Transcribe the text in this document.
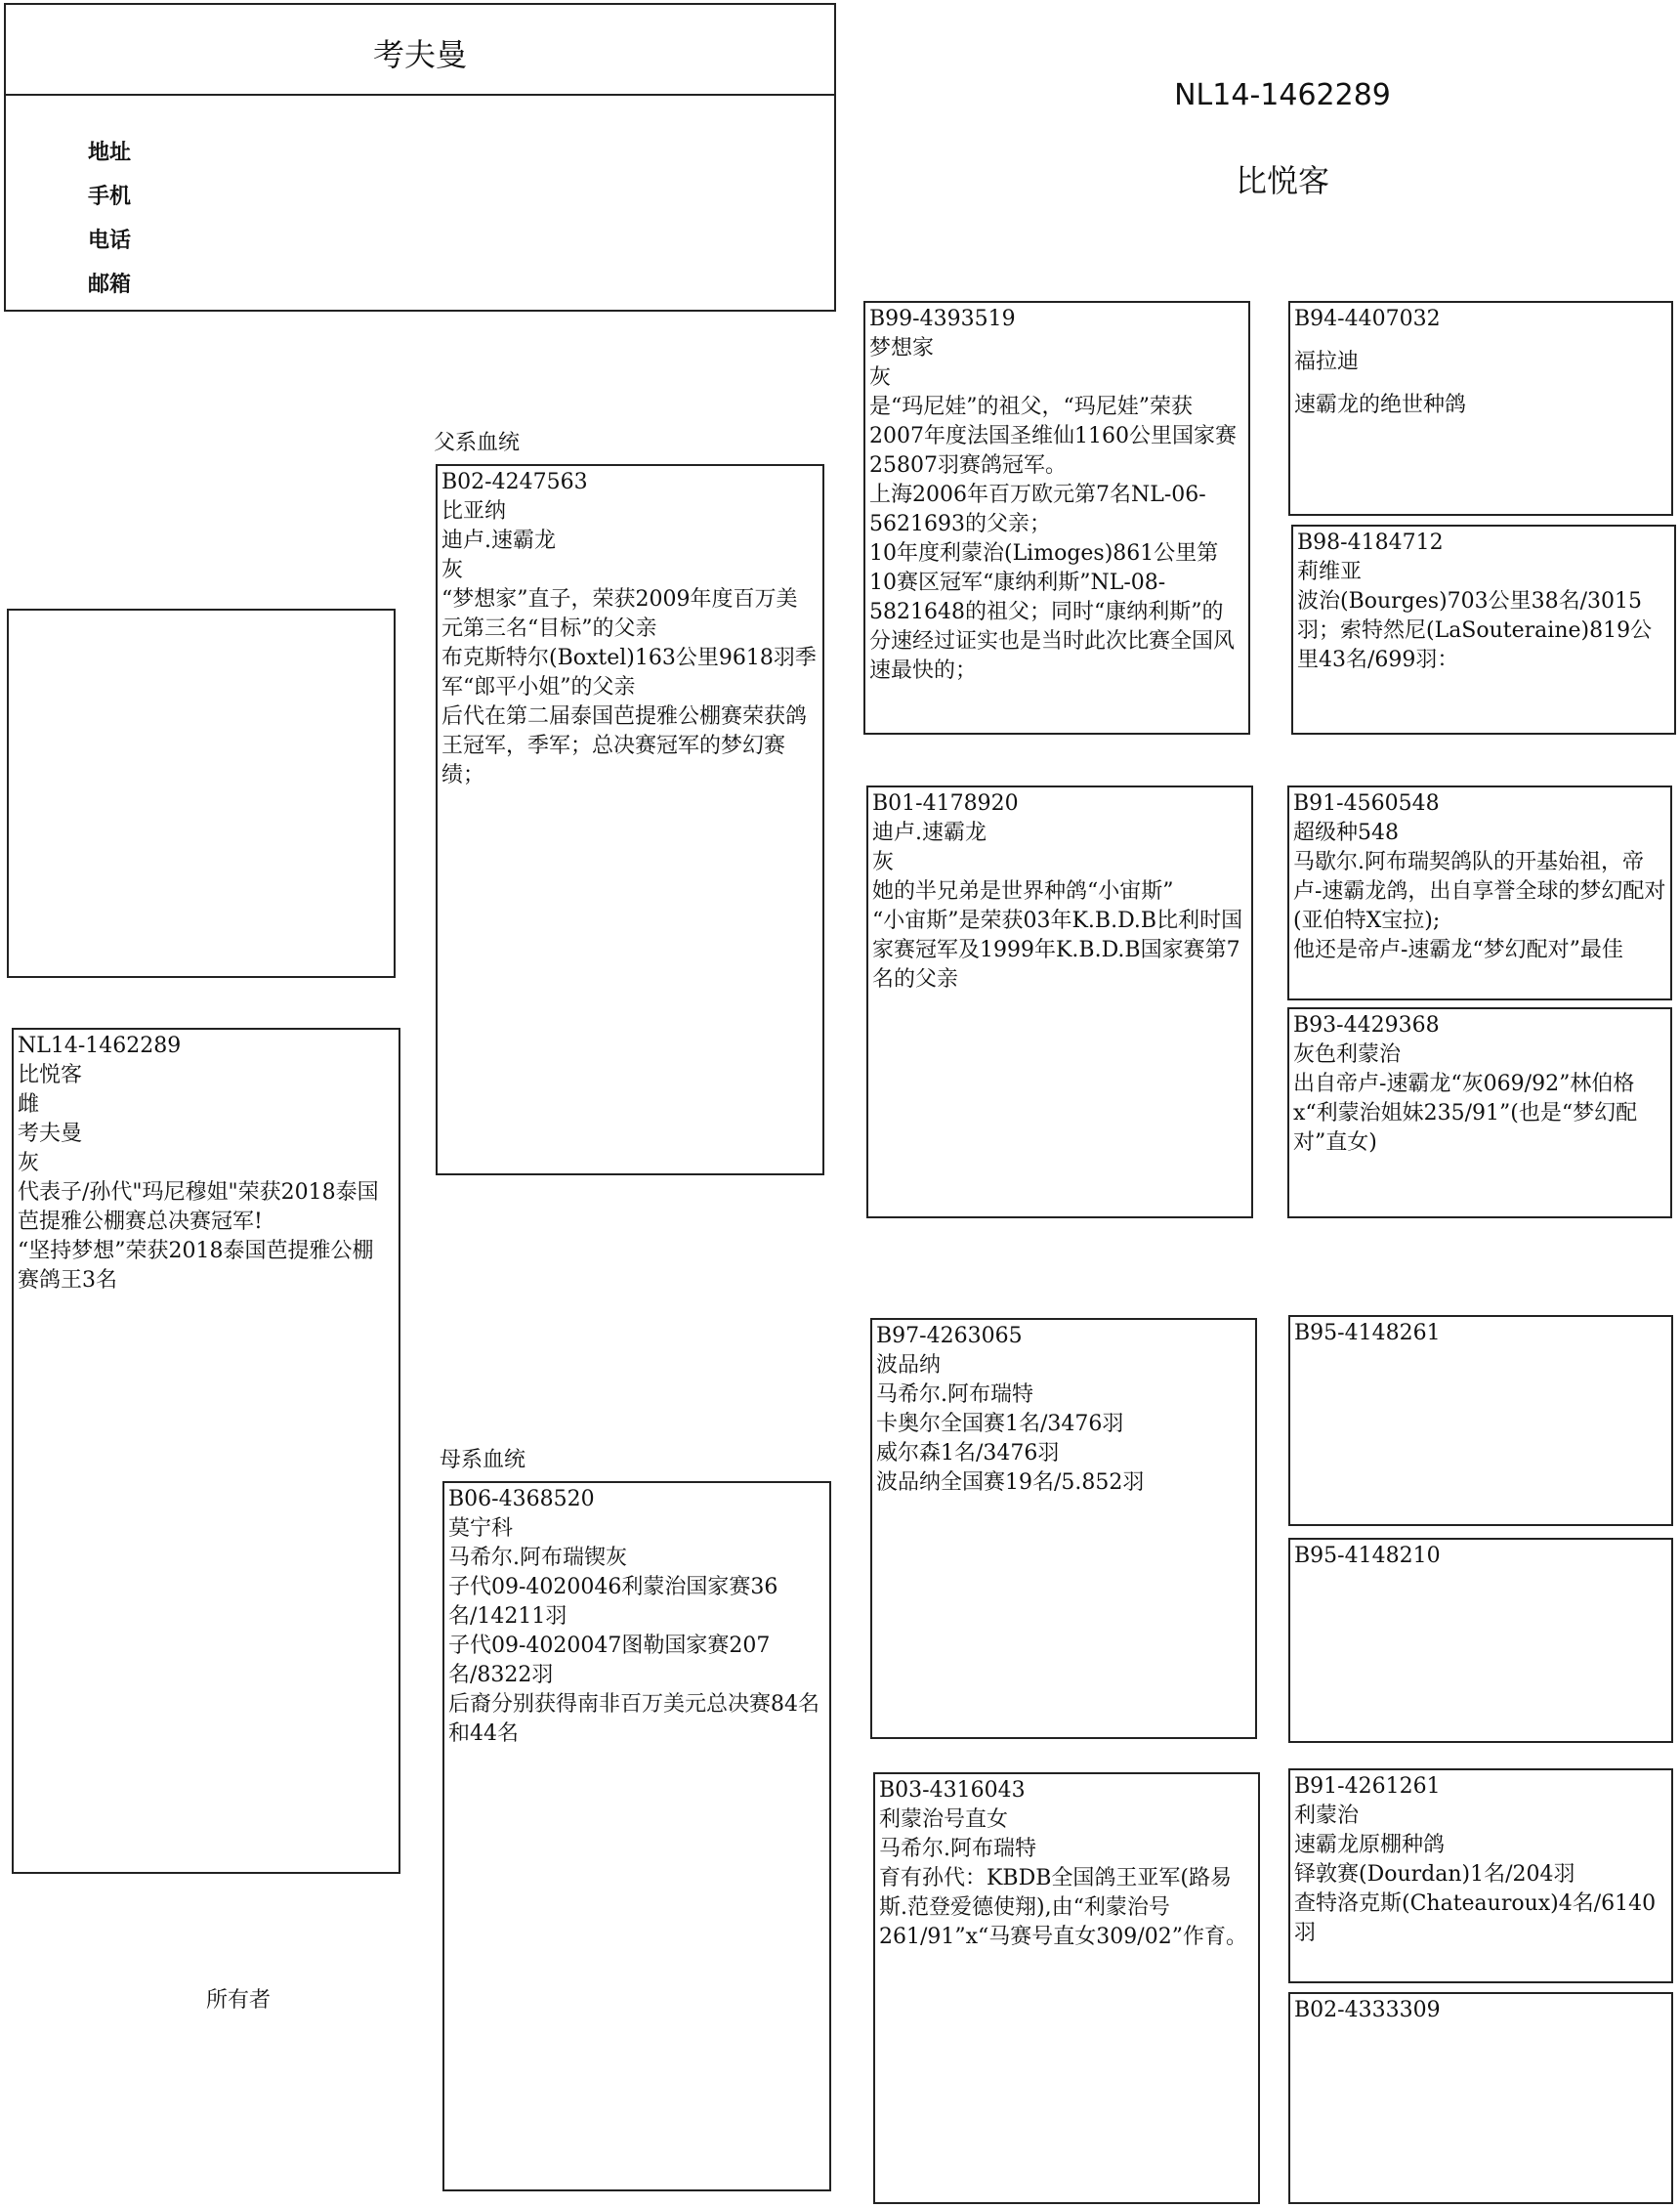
考夫曼
地址
手机
电话
邮箱
NL14-1462289
比悦客
父系血统
母系血统
所有者
NL14-1462289
比悦客
雌
考夫曼
灰
代表子/孙代"玛尼穆姐"荣获2018泰国芭提雅公棚赛总决赛冠军!
“坚持梦想”荣获2018泰国芭提雅公棚赛鸽王3名
B02-4247563
比亚纳
迪卢.速霸龙
灰
“梦想家”直子，荣获2009年度百万美元第三名“目标”的父亲
布克斯特尔(Boxtel)163公里9618羽季军“郎平小姐”的父亲
后代在第二届泰国芭提雅公棚赛荣获鸽王冠军，季军；总决赛冠军的梦幻赛绩；
B06-4368520
莫宁科
马希尔.阿布瑞锲灰
子代09-4020046利蒙治国家赛36名/14211羽
子代09-4020047图勒国家赛207名/8322羽
后裔分别获得南非百万美元总决赛84名和44名
B99-4393519
梦想家
灰
是“玛尼娃”的祖父，“玛尼娃”荣获2007年度法国圣维仙1160公里国家赛25807羽赛鸽冠军。
上海2006年百万欧元第7名NL-06-5621693的父亲；
10年度利蒙治(Limoges)861公里第10赛区冠军“康纳利斯”NL-08-5821648的祖父；同时“康纳利斯”的分速经过证实也是当时此次比赛全国风速最快的；
B01-4178920
迪卢.速霸龙
灰
她的半兄弟是世界种鸽“小宙斯”
“小宙斯”是荣获03年K.B.D.B比利时国家赛冠军及1999年K.B.D.B国家赛第7名的父亲
B97-4263065
波品纳
马希尔.阿布瑞特
卡奥尔全国赛1名/3476羽
威尔森1名/3476羽
波品纳全国赛19名/5.852羽
B03-4316043
利蒙治号直女
马希尔.阿布瑞特
育有孙代：KBDB全国鸽王亚军(路易斯.范登爱德使翔),由“利蒙治号261/91”x“马赛号直女309/02”作育。
B94-4407032
福拉迪
速霸龙的绝世种鸽
B98-4184712
莉维亚
波治(Bourges)703公里38名/3015羽；索特然尼(LaSouteraine)819公里43名/699羽：
B91-4560548
超级种548
马歇尔.阿布瑞契鸽队的开基始祖，帝卢-速霸龙鸽，出自享誉全球的梦幻配对(亚伯特X宝拉);
他还是帝卢-速霸龙“梦幻配对”最佳
B93-4429368
灰色利蒙治
出自帝卢-速霸龙“灰069/92”林伯格x“利蒙治姐妹235/91”(也是“梦幻配对”直女)
B95-4148261
B95-4148210
B91-4261261
利蒙治
速霸龙原棚种鸽
铎敦赛(Dourdan)1名/204羽
查特洛克斯(Chateauroux)4名/6140羽
B02-4333309
